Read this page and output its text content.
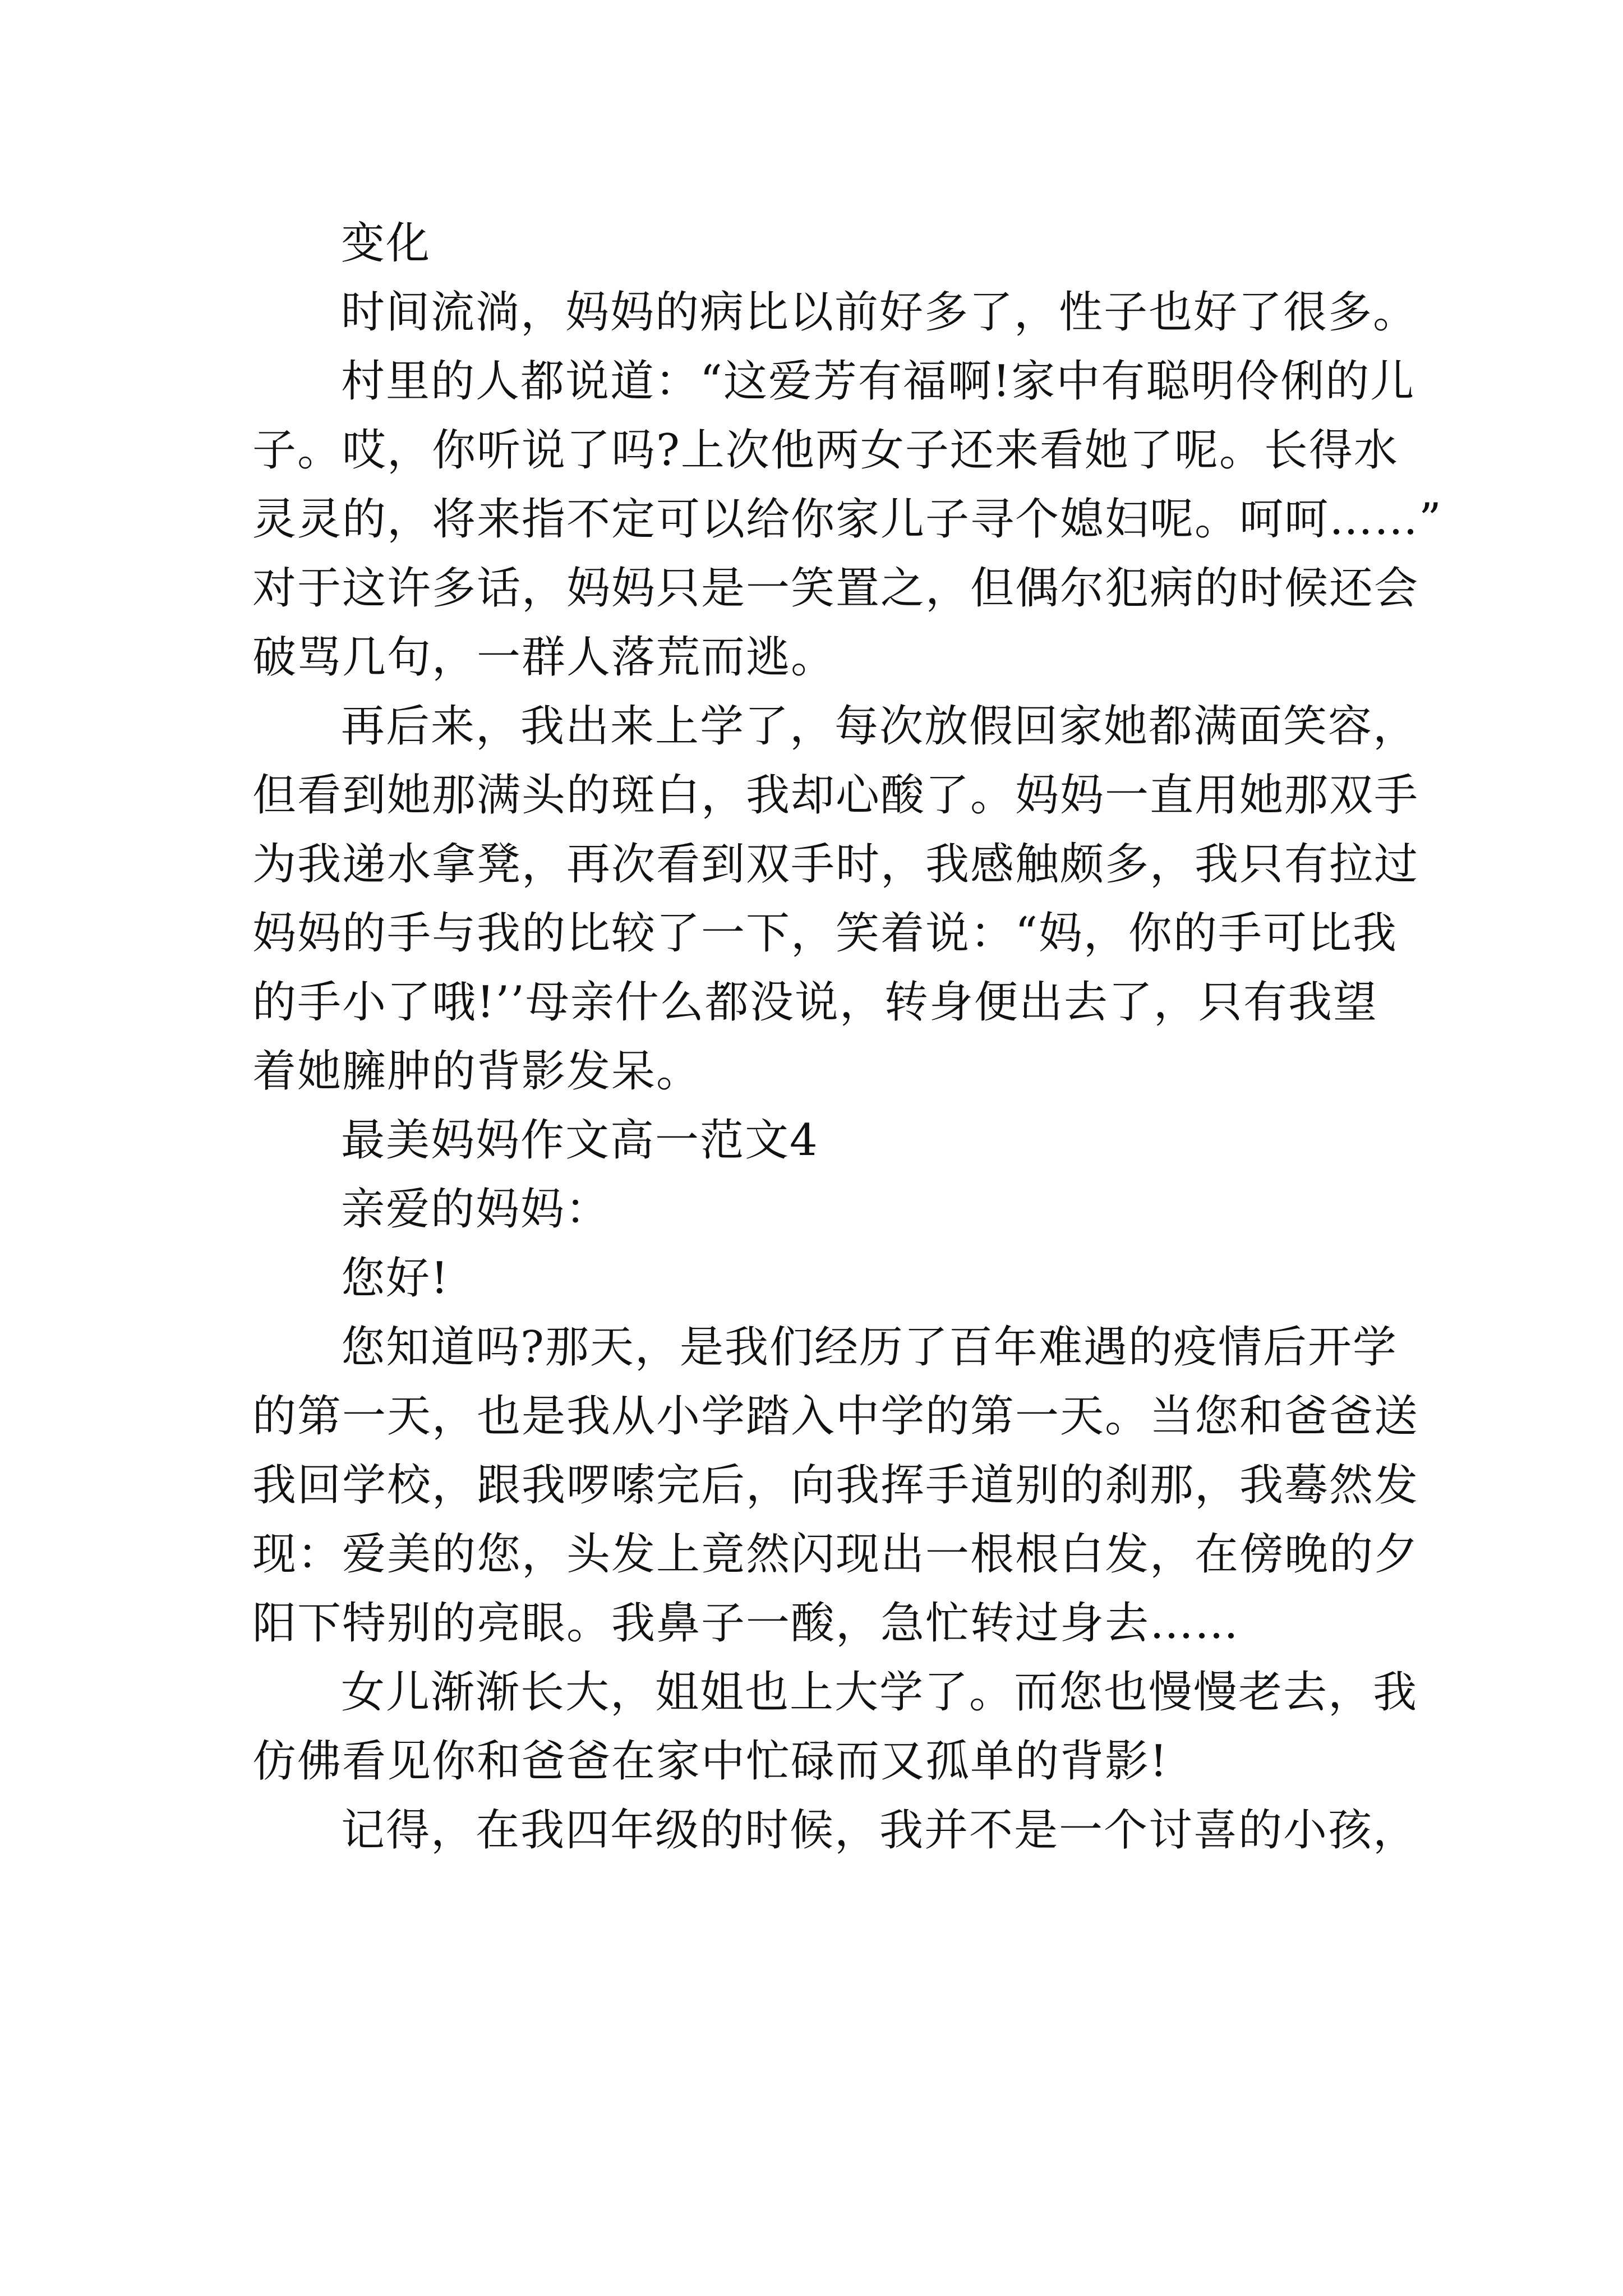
变化
时间流淌，妈妈的病比以前好多了，性子也好了很多。
村里的人都说道：“这爱芳有福啊!家中有聪明伶俐的儿
子。哎，你听说了吗?上次他两女子还来看她了呢。长得水
灵灵的，将来指不定可以给你家儿子寻个媳妇呢。呵呵……”
对于这许多话，妈妈只是一笑置之，但偶尔犯病的时候还会
破骂几句，一群人落荒而逃。
再后来，我出来上学了，每次放假回家她都满面笑容，
但看到她那满头的斑白，我却心酸了。妈妈一直用她那双手
为我递水拿凳，再次看到双手时，我感触颇多，我只有拉过
妈妈的手与我的比较了一下，笑着说：“妈，你的手可比我
的手小了哦!’’母亲什么都没说，转身便出去了，只有我望
着她臃肿的背影发呆。
最美妈妈作文高一范文4
亲爱的妈妈：
您好!
您知道吗?那天，是我们经历了百年难遇的疫情后开学
的第一天，也是我从小学踏入中学的第一天。当您和爸爸送
我回学校，跟我啰嗦完后，向我挥手道别的刹那，我蓦然发
现：爱美的您，头发上竟然闪现出一根根白发，在傍晚的夕
阳下特别的亮眼。我鼻子一酸，急忙转过身去……
女儿渐渐长大，姐姐也上大学了。而您也慢慢老去，我
仿佛看见你和爸爸在家中忙碌而又孤单的背影!
记得，在我四年级的时候，我并不是一个讨喜的小孩，
